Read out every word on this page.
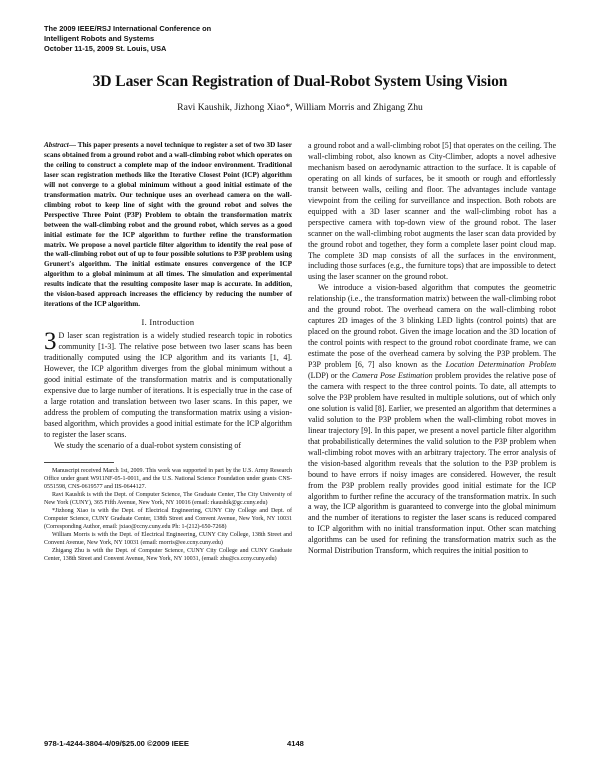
The 2009 IEEE/RSJ International Conference on
Intelligent Robots and Systems
October 11-15, 2009 St. Louis, USA
3D Laser Scan Registration of Dual-Robot System Using Vision
Ravi Kaushik, Jizhong Xiao*, William Morris and Zhigang Zhu
Abstract— This paper presents a novel technique to register a set of two 3D laser scans obtained from a ground robot and a wall-climbing robot which operates on the ceiling to construct a complete map of the indoor environment. Traditional laser scan registration methods like the Iterative Closest Point (ICP) algorithm will not converge to a global minimum without a good initial estimate of the transformation matrix. Our technique uses an overhead camera on the wall-climbing robot to keep line of sight with the ground robot and solves the Perspective Three Point (P3P) Problem to obtain the transformation matrix between the wall-climbing robot and the ground robot, which serves as a good initial estimate for the ICP algorithm to further refine the transformation matrix. We propose a novel particle filter algorithm to identify the real pose of the wall-climbing robot out of up to four possible solutions to P3P problem using Grunert's algorithm. The initial estimate ensures convergence of the ICP algorithm to a global minimum at all times. The simulation and experimental results indicate that the resulting composite laser map is accurate. In addition, the vision-based approach increases the efficiency by reducing the number of iterations of the ICP algorithm.
I. Introduction

3 D laser scan registration is a widely studied research topic in robotics community [1-3]. The relative pose between two laser scans has been traditionally computed using the ICP algorithm and its variants [1, 4]. However, the ICP algorithm diverges from the global minimum without a good initial estimate of the transformation matrix and is computationally expensive due to large number of iterations. It is especially true in the case of a large rotation and translation between two laser scans. In this paper, we address the problem of computing the transformation matrix using a vision-based algorithm, which provides a good initial estimate for the ICP algorithm to register the laser scans.

We study the scenario of a dual-robot system consisting of

Manuscript received March 1st, 2009. This work was supported in part by the U.S. Army Research Office under grant W911NF-05-1-0011, and the U.S. National Science Foundation under grants CNS-0551598, CNS-0619577 and IIS-0644127.

Ravi Kaushik is with the Dept. of Computer Science, The Graduate Center, The City University of New York (CUNY), 365 Fifth Avenue, New York, NY 10016 (email: rkaushik@gc.cuny.edu)

*Jizhong Xiao is with the Dept. of Electrical Engineering, CUNY City College and Dept. of Computer Science, CUNY Graduate Center, 138th Street and Convent Avenue, New York, NY 10031 (Corresponding Author, email: jxiao@ccny.cuny.edu Ph: 1-(212)-650-7268)

William Morris is with the Dept. of Electrical Engineering, CUNY City College, 138th Street and Convent Avenue, New York, NY 10031 (email: morris@ee.ccny.cuny.edu)

Zhigang Zhu is with the Dept. of Computer Science, CUNY City College and CUNY Graduate Center, 138th Street and Convent Avenue, New York, NY 10031, (email: zhu@cs.ccny.cuny.edu)

a ground robot and a wall-climbing robot [5] that operates on the ceiling. The wall-climbing robot, also known as City-Climber, adopts a novel adhesive mechanism based on aerodynamic attraction to the surface. It is capable of operating on all kinds of surfaces, be it smooth or rough and effortlessly transit between walls, ceiling and floor. The advantages include vantage viewpoint from the ceiling for surveillance and inspection. Both robots are equipped with a 3D laser scanner and the wall-climbing robot has a perspective camera with top-down view of the ground robot. The laser scanner on the wall-climbing robot augments the laser scan data provided by the ground robot and together, they form a complete laser point cloud map. The complete 3D map consists of all the surfaces in the environment, including those surfaces (e.g., the furniture tops) that are impossible to detect using the laser scanner on the ground robot.

We introduce a vision-based algorithm that computes the geometric relationship (i.e., the transformation matrix) between the wall-climbing robot and the ground robot. The overhead camera on the wall-climbing robot captures 2D images of the 3 blinking LED lights (control points) that are placed on the ground robot. Given the image location and the 3D location of the control points with respect to the ground robot coordinate frame, we can estimate the pose of the overhead camera by solving the P3P problem. The P3P problem [6, 7] also known as the Location Determination Problem (LDP) or the Camera Pose Estimation problem provides the relative pose of the camera with respect to the three control points. To date, all attempts to solve the P3P problem have resulted in multiple solutions, out of which only one solution is valid [8]. Earlier, we presented an algorithm that determines a valid solution to the P3P problem when the wall-climbing robot moves in linear trajectory [9]. In this paper, we present a novel particle filter algorithm that probabilistically determines the valid solution to the P3P problem when wall-climbing robot moves with an arbitrary trajectory. The error analysis of the vision-based algorithm reveals that the solution to the P3P problem is bound to have errors if noisy images are considered. However, the result from the P3P problem really provides good initial estimate for the ICP algorithm to further refine the accuracy of the transformation matrix. In such a way, the ICP algorithm is guaranteed to converge into the global minimum and the number of iterations to register the laser scans is reduced compared to ICP algorithm with no initial transformation input. Other scan matching algorithms can be used for refining the transformation matrix such as the Normal Distribution Transform, which requires the initial position to

978-1-4244-3804-4/09/$25.00 ©2009 IEEE	4148
